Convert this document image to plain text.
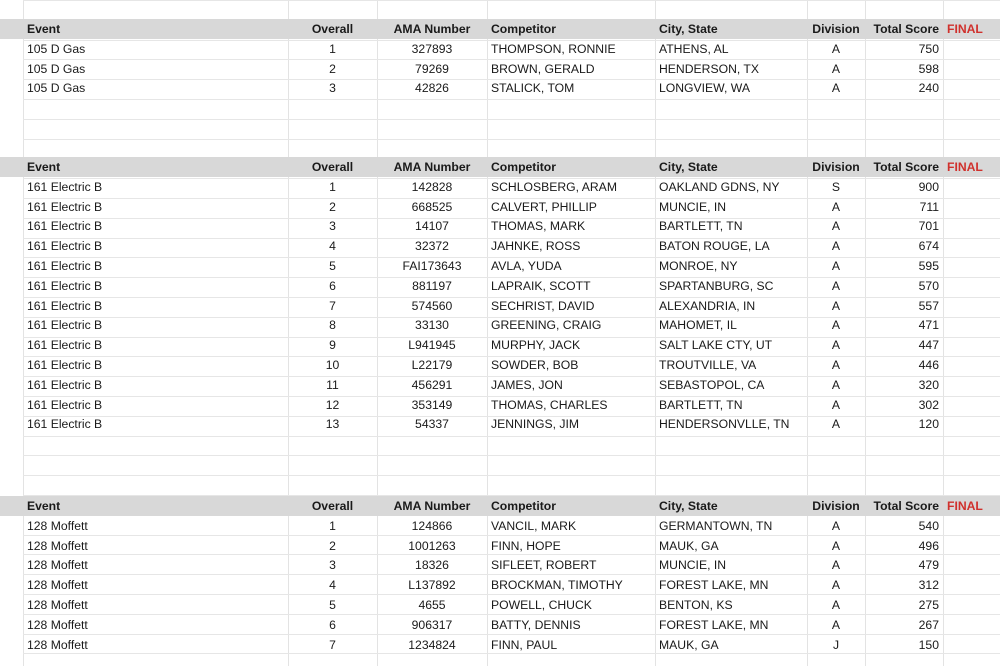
Event	Overall	AMA Number	Competitor	City, State	Division	Total Score FINAL
105 D Gas	1	327893	THOMPSON, RONNIE	ATHENS, AL	A	750
105 D Gas	2	79269	BROWN, GERALD	HENDERSON, TX	A	598
105 D Gas	3	42826	STALICK, TOM	LONGVIEW, WA	A	240
Event	Overall	AMA Number	Competitor	City, State	Division	Total Score FINAL
161 Electric B	1	142828	SCHLOSBERG, ARAM	OAKLAND GDNS, NY	S	900
161 Electric B	2	668525	CALVERT, PHILLIP	MUNCIE, IN	A	711
161 Electric B	3	14107	THOMAS, MARK	BARTLETT, TN	A	701
161 Electric B	4	32372	JAHNKE, ROSS	BATON ROUGE, LA	A	674
161 Electric B	5	FAI173643	AVLA, YUDA	MONROE, NY	A	595
161 Electric B	6	881197	LAPRAIK, SCOTT	SPARTANBURG, SC	A	570
161 Electric B	7	574560	SECHRIST, DAVID	ALEXANDRIA, IN	A	557
161 Electric B	8	33130	GREENING, CRAIG	MAHOMET, IL	A	471
161 Electric B	9	L941945	MURPHY, JACK	SALT LAKE CTY, UT	A	447
161 Electric B	10	L22179	SOWDER, BOB	TROUTVILLE, VA	A	446
161 Electric B	11	456291	JAMES, JON	SEBASTOPOL, CA	A	320
161 Electric B	12	353149	THOMAS, CHARLES	BARTLETT, TN	A	302
161 Electric B	13	54337	JENNINGS, JIM	HENDERSONVLLE, TN	A	120
Event	Overall	AMA Number	Competitor	City, State	Division	Total Score FINAL
128 Moffett	1	124866	VANCIL, MARK	GERMANTOWN, TN	A	540
128 Moffett	2	1001263	FINN, HOPE	MAUK, GA	A	496
128 Moffett	3	18326	SIFLEET, ROBERT	MUNCIE, IN	A	479
128 Moffett	4	L137892	BROCKMAN, TIMOTHY	FOREST LAKE, MN	A	312
128 Moffett	5	4655	POWELL, CHUCK	BENTON, KS	A	275
128 Moffett	6	906317	BATTY, DENNIS	FOREST LAKE, MN	A	267
128 Moffett	7	1234824	FINN, PAUL	MAUK, GA	J	150
